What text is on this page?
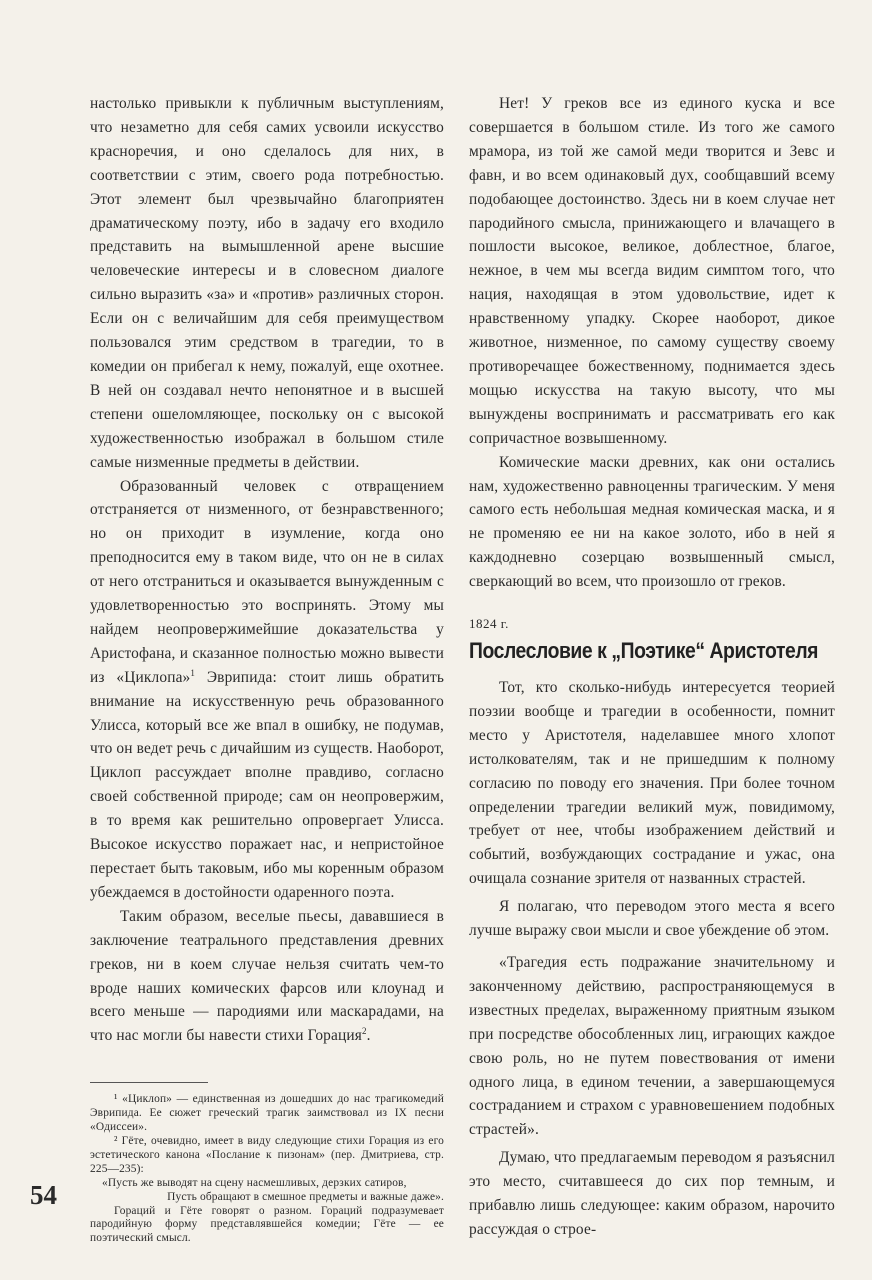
настолько привыкли к публичным выступлениям, что незаметно для себя самих усвоили искусство красноречия, и оно сделалось для них, в соответствии с этим, своего рода потребностью. Этот элемент был чрезвычайно благоприятен драматическому поэту, ибо в задачу его входило представить на вымышленной арене высшие человеческие интересы и в словесном диалоге сильно выразить «за» и «против» различных сторон. Если он с величайшим для себя преимуществом пользовался этим средством в трагедии, то в комедии он прибегал к нему, пожалуй, еще охотнее. В ней он создавал нечто непонятное и в высшей степени ошеломляющее, поскольку он с высокой художественностью изображал в большом стиле самые низменные предметы в действии.

Образованный человек с отвращением отстраняется от низменного, от безнравственного; но он приходит в изумление, когда оно преподносится ему в таком виде, что он не в силах от него отстраниться и оказывается вынужденным с удовлетворенностью это воспринять. Этому мы найдем неопровержимейшие доказательства у Аристофана, и сказанное полностью можно вывести из «Циклопа»$^1$ Эврипида: стоит лишь обратить внимание на искусственную речь образованного Улисса, который все же впал в ошибку, не подумав, что он ведет речь с дичайшим из существ. Наоборот, Циклоп рассуждает вполне правдиво, согласно своей собственной природе; сам он неопровержим, в то время как решительно опровергает Улисса. Высокое искусство поражает нас, и непристойное перестает быть таковым, ибо мы коренным образом убеждаемся в достойности одаренного поэта.

Таким образом, веселые пьесы, дававшиеся в заключение театрального представления древних греков, ни в коем случае нельзя считать чем-то вроде наших комических фарсов или клоунад и всего меньше — пародиями или маскарадами, на что нас могли бы навести стихи Горация$^2$.

¹ «Циклоп» — единственная из дошедших до нас трагикомедий Эврипида. Ее сюжет греческий трагик заимствовал из IX песни «Одиссеи».

² Гёте, очевидно, имеет в виду следующие стихи Горация из его эстетического канона «Послание к пизонам» (пер. Дмитриева, стр. 225—235):

«Пусть же выводят на сцену насмешливых, дерзких сатиров,

Пусть обращают в смешное предметы и важные даже».

Гораций и Гёте говорят о разном. Гораций подразумевает пародийную форму представлявшейся комедии; Гёте — ее поэтический смысл.

Нет! У греков все из единого куска и все совершается в большом стиле. Из того же самого мрамора, из той же самой меди творится и Зевс и фавн, и во всем одинаковый дух, сообщавший всему подобающее достоинство. Здесь ни в коем случае нет пародийного смысла, принижающего и влачащего в пошлости высокое, великое, доблестное, благое, нежное, в чем мы всегда видим симптом того, что нация, находящая в этом удовольствие, идет к нравственному упадку. Скорее наоборот, дикое животное, низменное, по самому существу своему противоречащее божественному, поднимается здесь мощью искусства на такую высоту, что мы вынуждены воспринимать и рассматривать его как сопричастное возвышенному.

Комические маски древних, как они остались нам, художественно равноценны трагическим. У меня самого есть небольшая медная комическая маска, и я не променяю ее ни на какое золото, ибо в ней я каждодневно созерцаю возвышенный смысл, сверкающий во всем, что произошло от греков.

1824 г.
Послесловие к „Поэтике“ Аристотеля

Тот, кто сколько-нибудь интересуется теорией поэзии вообще и трагедии в особенности, помнит место у Аристотеля, наделавшее много хлопот истолкователям, так и не пришедшим к полному согласию по поводу его значения. При более точном определении трагедии великий муж, повидимому, требует от нее, чтобы изображением действий и событий, возбуждающих сострадание и ужас, она очищала сознание зрителя от названных страстей.

Я полагаю, что переводом этого места я всего лучше выражу свои мысли и свое убеждение об этом.

«Трагедия есть подражание значительному и законченному действию, распространяющемуся в известных пределах, выраженному приятным языком при посредстве обособленных лиц, играющих каждое свою роль, но не путем повествования от имени одного лица, в едином течении, а завершающемуся состраданием и страхом с уравновешением подобных страстей».

Думаю, что предлагаемым переводом я разъяснил это место, считавшееся до сих пор темным, и прибавлю лишь следующее: каким образом, нарочито рассуждая о строе-

54
